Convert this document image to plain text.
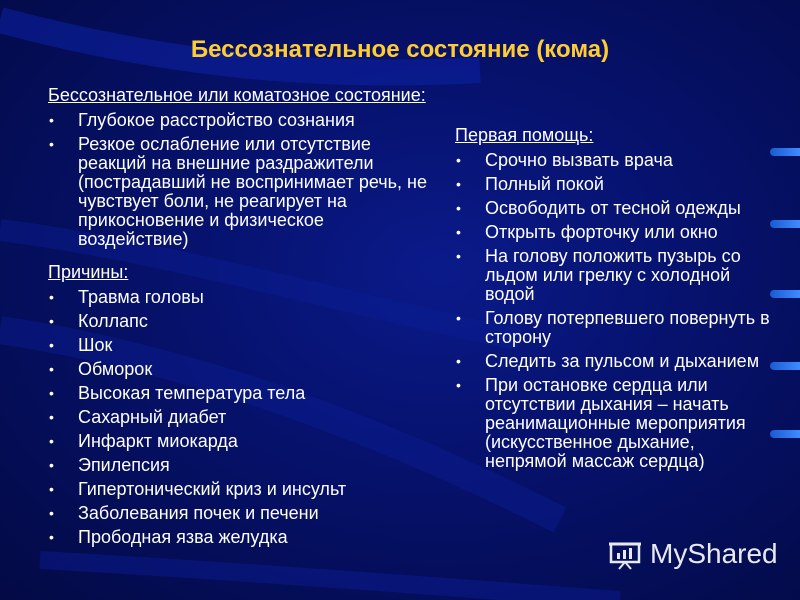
Бессознательное состояние (кома)
Бессознательное или коматозное состояние:
• Глубокое расстройство сознания
• Резкое ослабление или отсутствие реакций на внешние раздражители (пострадавший не воспринимает речь, не чувствует боли, не реагирует на прикосновение и физическое воздействие)
Причины:
• Травма головы
• Коллапс
• Шок
• Обморок
• Высокая температура тела
• Сахарный диабет
• Инфаркт миокарда
• Эпилепсия
• Гипертонический криз и инсульт
• Заболевания почек и печени
• Прободная язва желудка
Первая помощь:
• Срочно вызвать врача
• Полный покой
• Освободить от тесной одежды
• Открыть форточку или окно
• На голову положить пузырь со льдом или грелку с холодной водой
• Голову потерпевшего повернуть в сторону
• Следить за пульсом и дыханием
• При остановке сердца или отсутствии дыхания – начать реанимационные мероприятия (искусственное дыхание, непрямой массаж сердца)
MyShared
